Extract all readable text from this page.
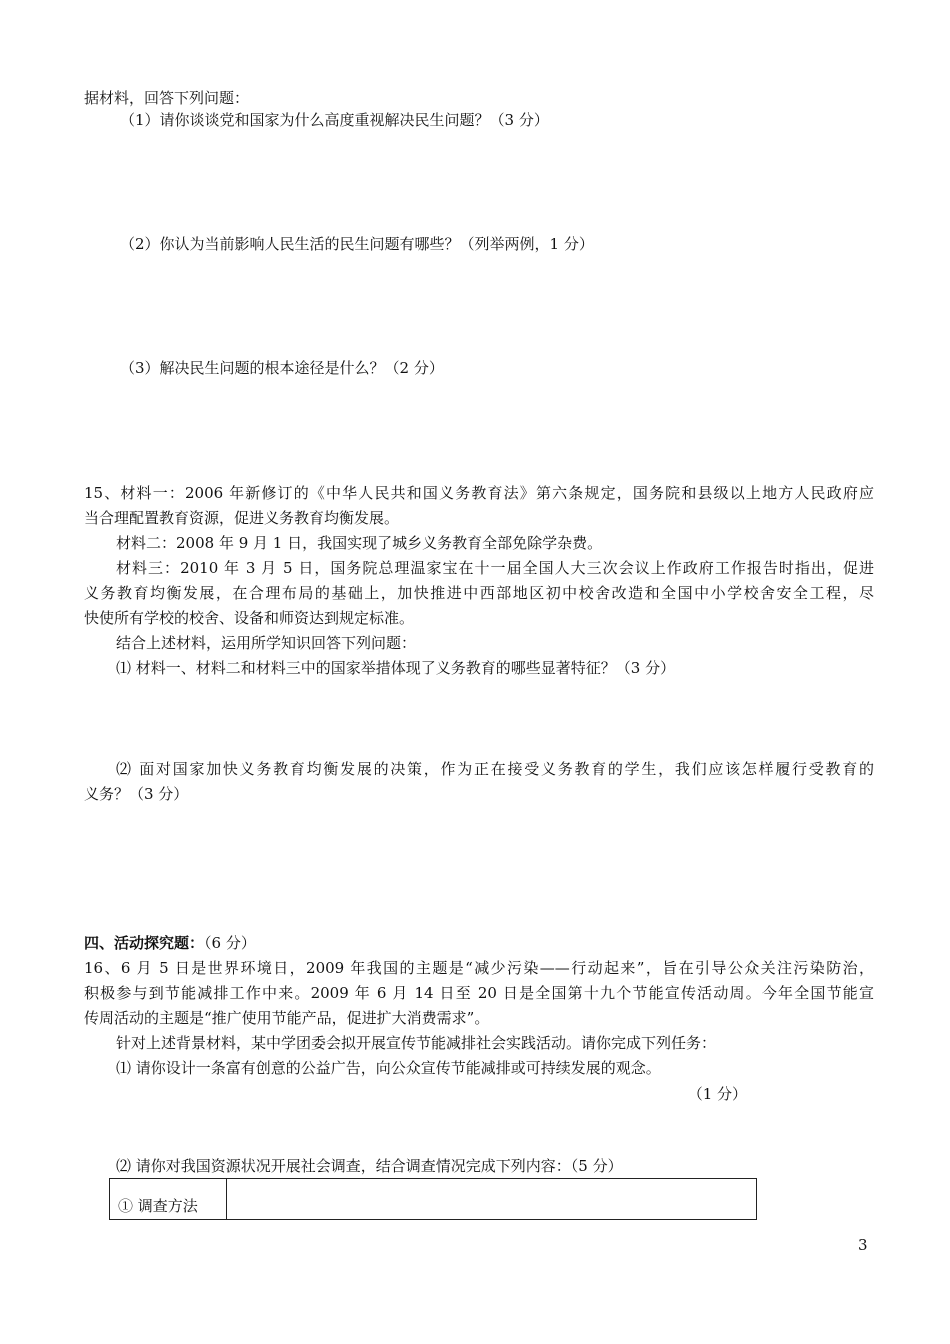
据材料，回答下列问题：
（1）请你谈谈党和国家为什么高度重视解决民生问题？（3 分）
（2）你认为当前影响人民生活的民生问题有哪些？（列举两例，1 分）
（3）解决民生问题的根本途径是什么？（2 分）
15、材料一：2006 年新修订的《中华人民共和国义务教育法》第六条规定，国务院和县级以上地方人民政府应
当合理配置教育资源，促进义务教育均衡发展。
材料二：2008 年 9 月 1 日，我国实现了城乡义务教育全部免除学杂费。
材料三：2010 年 3 月 5 日，国务院总理温家宝在十一届全国人大三次会议上作政府工作报告时指出，促进
义务教育均衡发展，在合理布局的基础上，加快推进中西部地区初中校舍改造和全国中小学校舍安全工程，尽
快使所有学校的校舍、设备和师资达到规定标准。
结合上述材料，运用所学知识回答下列问题：
⑴ 材料一、材料二和材料三中的国家举措体现了义务教育的哪些显著特征？（3 分）
⑵ 面对国家加快义务教育均衡发展的决策，作为正在接受义务教育的学生，我们应该怎样履行受教育的
义务？（3 分）
四、活动探究题：（6 分）
16、6 月 5 日是世界环境日，2009 年我国的主题是“减少污染——行动起来”，旨在引导公众关注污染防治，
积极参与到节能减排工作中来。2009 年 6 月 14 日至 20 日是全国第十九个节能宣传活动周。今年全国节能宣
传周活动的主题是“推广使用节能产品，促进扩大消费需求”。
针对上述背景材料，某中学团委会拟开展宣传节能减排社会实践活动。请你完成下列任务：
⑴ 请你设计一条富有创意的公益广告，向公众宣传节能减排或可持续发展的观念。
（1 分）
⑵ 请你对我国资源状况开展社会调查，结合调查情况完成下列内容：（5 分）
① 调查方法	
3
